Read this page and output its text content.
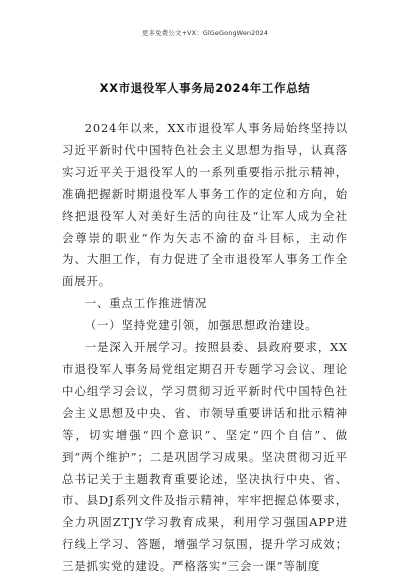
更多免费公文+VX：GlGeGongWen2024
XX市退役军人事务局2024年工作总结

2024年以来，XX市退役军人事务局始终坚持以习近平新时代中国特色社会主义思想为指导，认真落实习近平关于退役军人的一系列重要指示批示精神，准确把握新时期退役军人事务工作的定位和方向，始终把退役军人对美好生活的向往及“让军人成为全社会尊崇的职业”作为矢志不渝的奋斗目标，主动作为、大胆工作，有力促进了全市退役军人事务工作全面展开。

一、重点工作推进情况

（一）坚持党建引领，加强思想政治建设。

一是深入开展学习。按照县委、县政府要求，XX市退役军人事务局党组定期召开专题学习会议、理论中心组学习会议，学习贯彻习近平新时代中国特色社会主义思想及中央、省、市领导重要讲话和批示精神等，切实增强“四个意识”、坚定“四个自信”、做到“两个维护”；二是巩固学习成果。坚决贯彻习近平总书记关于主题教育重要论述，坚决执行中央、省、市、县DJ系列文件及指示精神，牢牢把握总体要求，全力巩固ZTJY学习教育成果，利用学习强国APP进行线上学习、答题，增强学习氛围，提升学习成效；三是抓实党的建设。严格落实“三会一课”等制度
